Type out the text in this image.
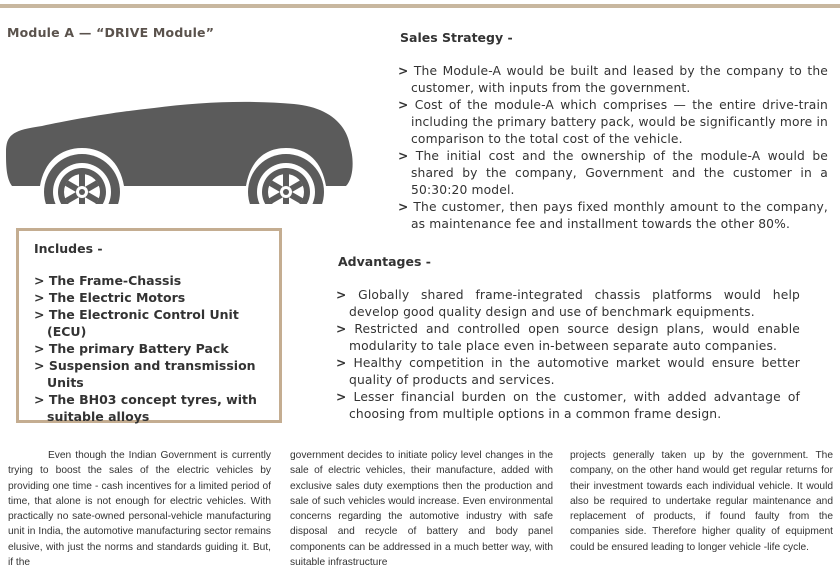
Module A — “DRIVE Module”
Includes -
> The Frame-Chassis
> The Electric Motors
> The Electronic Control Unit (ECU)
> The primary Battery Pack
> Suspension and transmission Units
> The BH03 concept tyres, with suitable alloys
Sales Strategy -
> The Module-A would be built and leased by the company to the customer, with inputs from the government.
> Cost of the module-A which comprises — the entire drive-train including the primary battery pack, would be significantly more in comparison to the total cost of the vehicle.
> The initial cost and the ownership of the module-A would be shared by the company, Government and the customer in a 50:30:20 model.
> The customer, then pays fixed monthly amount to the company, as maintenance fee and installment towards the other 80%.
Advantages -
> Globally shared frame-integrated chassis platforms would help develop good quality design and use of benchmark equipments.
> Restricted and controlled open source design plans, would enable modularity to tale place even in-between separate auto companies.
> Healthy competition in the automotive market would ensure better quality of products and services.
> Lesser financial burden on the customer, with added advantage of choosing from multiple options in a common frame design.

Even though the Indian Government is currently trying to boost the sales of the electric vehicles by providing one time - cash incentives for a limited period of time, that alone is not enough for electric vehicles. With practically no sate-owned personal-vehicle manufacturing unit in India, the automotive manufacturing sector remains elusive, with just the norms and standards guiding it. But, if the

government decides to initiate policy level changes in the sale of electric vehicles, their manufacture, added with exclusive sales duty exemptions then the production and sale of such vehicles would increase. Even environmental concerns regarding the automotive industry with safe disposal and recycle of battery and body panel components can be addressed in a much better way, with suitable infrastructure

projects generally taken up by the government. The company, on the other hand would get regular returns for their investment towards each individual vehicle. It would also be required to undertake regular maintenance and replacement of products, if found faulty from the companies side. Therefore higher quality of equipment could be ensured leading to longer vehicle -life cycle.
